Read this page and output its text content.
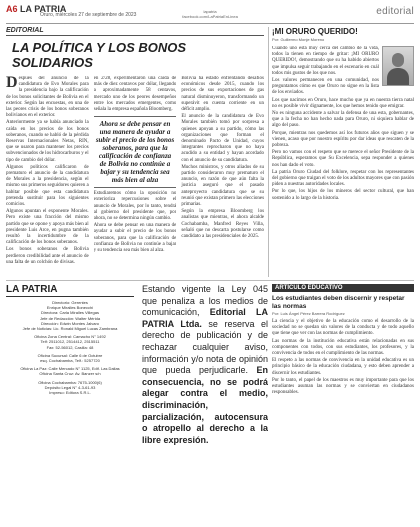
A6 LA PATRIA
Oruro, miércoles 27 de septiembre de 2023
lapatria
facebook.com/LaPatriaEnLinea	editorial
EDITORIAL
LA POLÍTICA Y LOS BONOS SOLIDARIOS

Después del anuncio de la candidatura de Evo Morales para la presidencia bajo la calificación de los bonos solicitantes de Bolivia en el exterior. Según las encuestas, en una de las peores crisis de los bonos soberanos bolivianos en el exterior.

Anteriormente ya se había anunciado la caída en los precios de los bonos soberanos, cuando se habló de la pérdida Reservas Internacionales Netas, RIN, que se usaron para mantener los precios subvencionados de los hidrocarburos y el tipo de cambio del dólar.

Algunos políticos calificaron de prematuro el anuncio de la candidatura de Morales a la presidencia, según el mismo sus primeros seguidores quieren a habitar posible que esta candidatura pretenda sustituir para los siguientes comicios.

Algunos apuntan el exponente Morales. Pero existe una fracción del mismo partido que se opone y apoya más bien al presidente Luis Arce, en pugna también resultó la incertidumbre de la calificación de los bonos soberanos.

Los bonos soberanos de Bolivia perdieron credibilidad ante el anuncio de una falta de un colchón de divisas.

en 2/28, experimentaron una caída de más de diez centavos por dólar, llegando a aproximadamente 58 centavos, mercado uno de los peores desempeños entre los mercados emergentes, como señala la empresa española Bloomberg.

Ahora se debe pensar en una manera de ayudar a subir el precio de los bonos soberanos, para que la calificación de confianza de Bolivia no continúe a bajar y su tendencia sea más bien al alza

Estudiaremos cómo la oposición no exterioriza repercusiones sobre el anuncio de Morales, por lo tanto, tendrá al gobierno del presidente que, por ahora, no se determina ningún cambio.

Ahora se debe pensar en una manera de ayudar a subir el precio de los bonos soberanos, para que la calificación de confianza de Bolivia no continúe a bajar y su tendencia sea más bien al alza.

Bolivia ha estado enfrentando desafíos económicos desde 2015, cuando los precios de sus exportaciones de gas natural disminuyeron, transformando un superávit en cuenta corriente en un déficit amplio.

El anuncio de la candidatura de Evo Morales también tomó por sorpresa a quienes apoyan a su partido, cómo las organizaciones que forman el denominado Pacto de Unidad, cuyos integrantes reprocharon que no haya acudido a su entidad y hayan acordado con el anuncio de su candidatura.

Muchos ministros, y otros aliados de su partido consideraron muy prematuro el anuncio, en razón de que aún falta la justicia aseguró que el pasado anteproyecto candidatura que se su reunió que existan primero las elecciones primarias.

Según la empresa Bloomberg los analistas que mientras, el ahora alcalde Cochabamba, Manfred Reyes Villa, señaló que no descarta postularse como candidato a las presidenciales de 2025.

¡MI ORURO QUERIDO!
Por: Guillermo Monje Moreno

Cuando uno está muy cerca del cambio de la vida, todos la tienen en tiempo de gritar: ¡MI ORURO QUERIDO!, demostrando que su ha habido abiertos que impulsa seguir trabajando en el escenario en cuál todos mis gustos de los que nos.

Los valores permanecen en una comunidad, nos preguntamos cómo es que Oruro no sigue en la lista de los enviados.

Los que nacimos en Oruro, hace mucho que ya en nuestra tierra natal no es posible vivir dignamente, los que hemos tenido que emigrar.

No es ninguna accidente a salvar la defensa de una esta, gobernantes, que a la fecha no han hecho nada para Oruro, ni siquiera hablar de algo del paso.

Porque, mientras nos quedemos así los futuros años que siguen y se vienen, acaso que por nuestro espíritu por dar ideas que rescaten de la pobreza.

Pero no vamos con el respeto que se merece el señor Presidente de la República, esperamos que Su Excelencia, sepa responder a quienes nos han dado el voto.

La patria Oruro Ciudad del folklore, respetar con los representantes del gobierno que traigan el voto de los adultos mayores que con pasión piden a nuestras autoridades locales.

Por lo que, los hijos de los mineros del sector cultural, que han sostenido a lo largo de la historia.

LA PATRIA
Directorio: Gerentes
Enrique Miralles Bonecchi
Directora: Carla Miralles Villegas
Jefe de Redacción: Walter Mérida
Dirección: Edwin Montes Jalvaro
Jefe de Noticias: Lic. Ronald Miguel Lucas Zambrana
Oficina Zona Central: Camacho N° 1492
Telf: 2511012, 2514412, 2515511
Fax: 52-56012, Casilla: 48
Oficina Sucursal: Calle 6 de Octubre
esq. Cochabamba, Telf.: 5257720
Oficina La Paz: Calle Mercado N° 1125, Edif. Las Dalias
Oficina Santa Cruz: Av. Banzer s/n
Oficina Cochabamba: 7675-1000(6)
Depósito Legal N° 4-3-61-93
Impreso: Editora S.R.L.
Estando vigente la Ley 045 que penaliza a los medios de comunicación, Editorial LA PATRIA Ltda. se reserva el derecho de publicación y de rechazar cualquier aviso, información y/o nota de opinión que pueda perjudicarle. En consecuencia, no se podrá alegar contra el medio, discriminación, parcialización, autocensura o atropello al derecho a la libre expresión.
ARTÍCULO EDUCATIVO
Los estudiantes deben discernir y respetar las normas
Por: Luis Ángel Pérez Barrera Rodríguez

La ciencia y el objetivo de la educación como el desarrollo de la sociedad no se quedan sin valores de la conducta y de todo aquello que tiene que ver con las normas de cumplimiento.

Las normas de la institución educativa están relacionadas en sus componentes con todos, con sus estudiantes, los profesores, y la convivencia de todos en el cumplimiento de las normas.

El respeto a las normas de convivencia en la unidad educativa es un principio básico de la educación ciudadana, y esto deben aprender a discernir los estudiantes.

Por lo tanto, el papel de los maestros es muy importante para que los estudiantes asuman las normas y se conviertan en ciudadanos responsables.
